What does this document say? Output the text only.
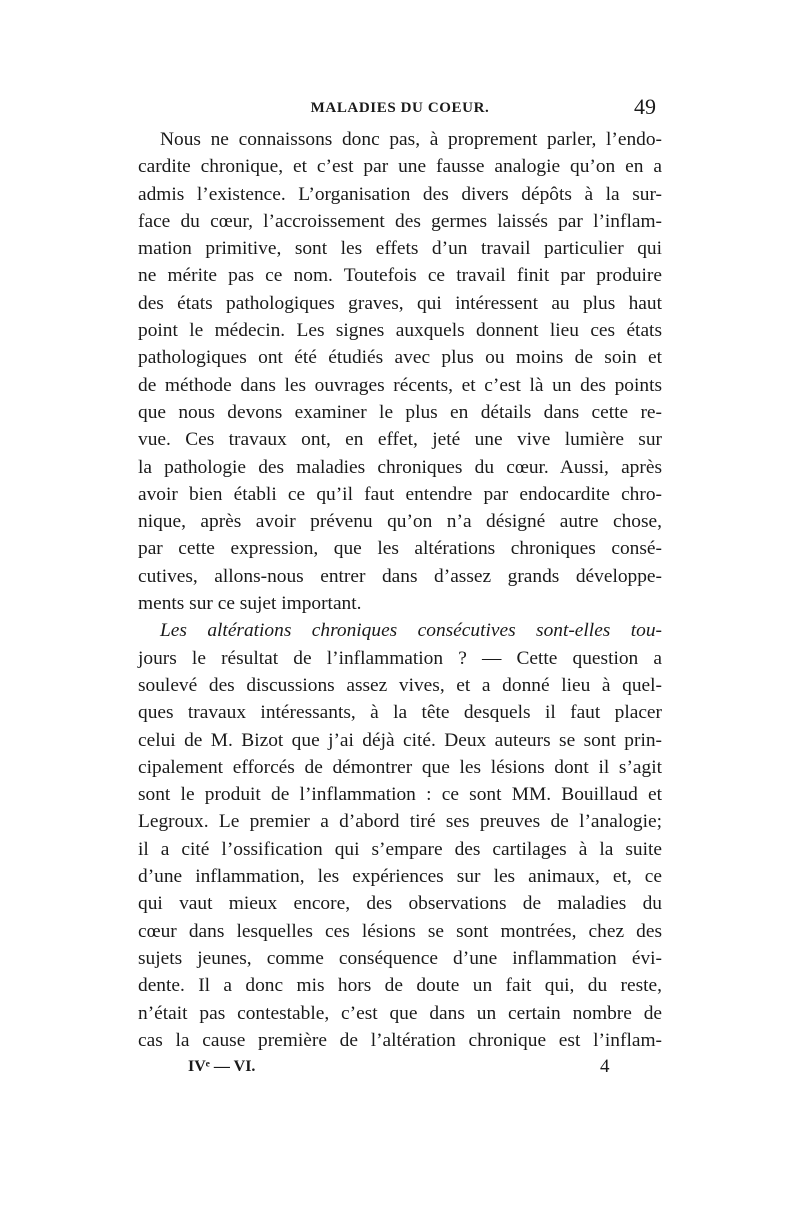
MALADIES DU COEUR.	49
Nous ne connaissons donc pas, à proprement parler, l’endo-
cardite chronique, et c’est par une fausse analogie qu’on en a
admis l’existence. L’organisation des divers dépôts à la sur-
face du cœur, l’accroissement des germes laissés par l’inflam-
mation primitive, sont les effets d’un travail particulier qui
ne mérite pas ce nom. Toutefois ce travail finit par produire
des états pathologiques graves, qui intéressent au plus haut
point le médecin. Les signes auxquels donnent lieu ces états
pathologiques ont été étudiés avec plus ou moins de soin et
de méthode dans les ouvrages récents, et c’est là un des points
que nous devons examiner le plus en détails dans cette re-
vue. Ces travaux ont, en effet, jeté une vive lumière sur
la pathologie des maladies chroniques du cœur. Aussi, après
avoir bien établi ce qu’il faut entendre par endocardite chro-
nique, après avoir prévenu qu’on n’a désigné autre chose,
par cette expression, que les altérations chroniques consé-
cutives, allons-nous entrer dans d’assez grands développe-
ments sur ce sujet important.
Les altérations chroniques consécutives sont-elles tou-
jours le résultat de l’inflammation ? — Cette question a
soulevé des discussions assez vives, et a donné lieu à quel-
ques travaux intéressants, à la tête desquels il faut placer
celui de M. Bizot que j’ai déjà cité. Deux auteurs se sont prin-
cipalement efforcés de démontrer que les lésions dont il s’agit
sont le produit de l’inflammation : ce sont MM. Bouillaud et
Legroux. Le premier a d’abord tiré ses preuves de l’analogie;
il a cité l’ossification qui s’empare des cartilages à la suite
d’une inflammation, les expériences sur les animaux, et, ce
qui vaut mieux encore, des observations de maladies du
cœur dans lesquelles ces lésions se sont montrées, chez des
sujets jeunes, comme conséquence d’une inflammation évi-
dente. Il a donc mis hors de doute un fait qui, du reste,
n’était pas contestable, c’est que dans un certain nombre de
cas la cause première de l’altération chronique est l’inflam-
IVᵉ — VI.	4
